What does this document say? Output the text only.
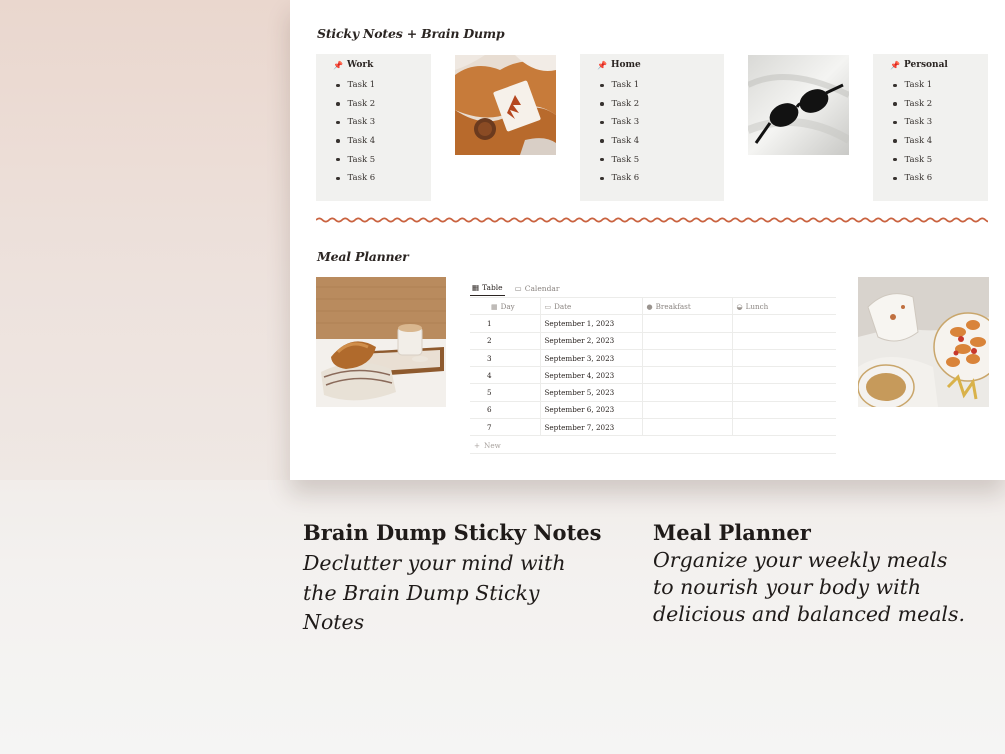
Sticky Notes + Brain Dump
📌 Work
Task 1
Task 2
Task 3
Task 4
Task 5
Task 6
📌 Home
Task 1
Task 2
Task 3
Task 4
Task 5
Task 6
📌 Personal
Task 1
Task 2
Task 3
Task 4
Task 5
Task 6
Meal Planner
▦ Table ▭ Calendar
▦ Day	▭ Date	● Breakfast	◒ Lunch
1	September 1, 2023		
2	September 2, 2023		
3	September 3, 2023		
4	September 4, 2023		
5	September 5, 2023		
6	September 6, 2023		
7	September 7, 2023		
+ New
Brain Dump Sticky Notes
Declutter your mind with the Brain Dump Sticky Notes
Meal Planner
Organize your weekly meals to nourish your body with delicious and balanced meals.
